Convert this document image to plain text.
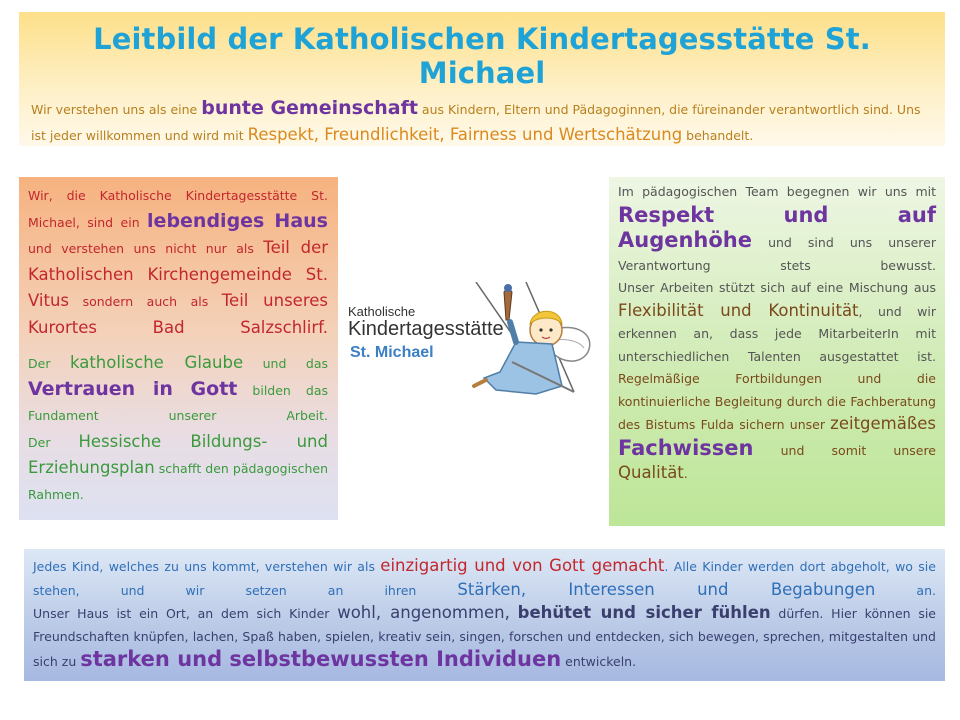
Leitbild der Katholischen Kindertagesstätte St. Michael

Wir verstehen uns als eine bunte Gemeinschaft aus Kindern, Eltern und Pädagoginnen, die füreinander verantwortlich sind. Uns ist jeder willkommen und wird mit Respekt, Freundlichkeit, Fairness und Wertschätzung behandelt.

Wir, die Katholische Kindertagesstätte St. Michael, sind ein lebendiges Haus und verstehen uns nicht nur als Teil der Katholischen Kirchengemeinde St. Vitus sondern auch als Teil unseres Kurortes Bad Salzschlirf.

Der katholische Glaube und das Vertrauen in Gott bilden das Fundament unserer Arbeit.

Der Hessische Bildungs- und Erziehungsplan schafft den pädagogischen Rahmen.

Katholische
Kindertagesstätte
St. Michael

Im pädagogischen Team begegnen wir uns mit Respekt und auf Augenhöhe und sind uns unserer Verantwortung stets bewusst.

Unser Arbeiten stützt sich auf eine Mischung aus Flexibilität und Kontinuität, und wir erkennen an, dass jede MitarbeiterIn mit unterschiedlichen Talenten ausgestattet ist.

Regelmäßige Fortbildungen und die kontinuierliche Begleitung durch die Fachberatung des Bistums Fulda sichern unser zeitgemäßes Fachwissen und somit unsere Qualität.

Jedes Kind, welches zu uns kommt, verstehen wir als einzigartig und von Gott gemacht. Alle Kinder werden dort abgeholt, wo sie stehen, und wir setzen an ihren Stärken, Interessen und Begabungen an.

Unser Haus ist ein Ort, an dem sich Kinder wohl, angenommen, behütet und sicher fühlen dürfen. Hier können sie Freundschaften knüpfen, lachen, Spaß haben, spielen, kreativ sein, singen, forschen und entdecken, sich bewegen, sprechen, mitgestalten und sich zu starken und selbstbewussten Individuen entwickeln.
